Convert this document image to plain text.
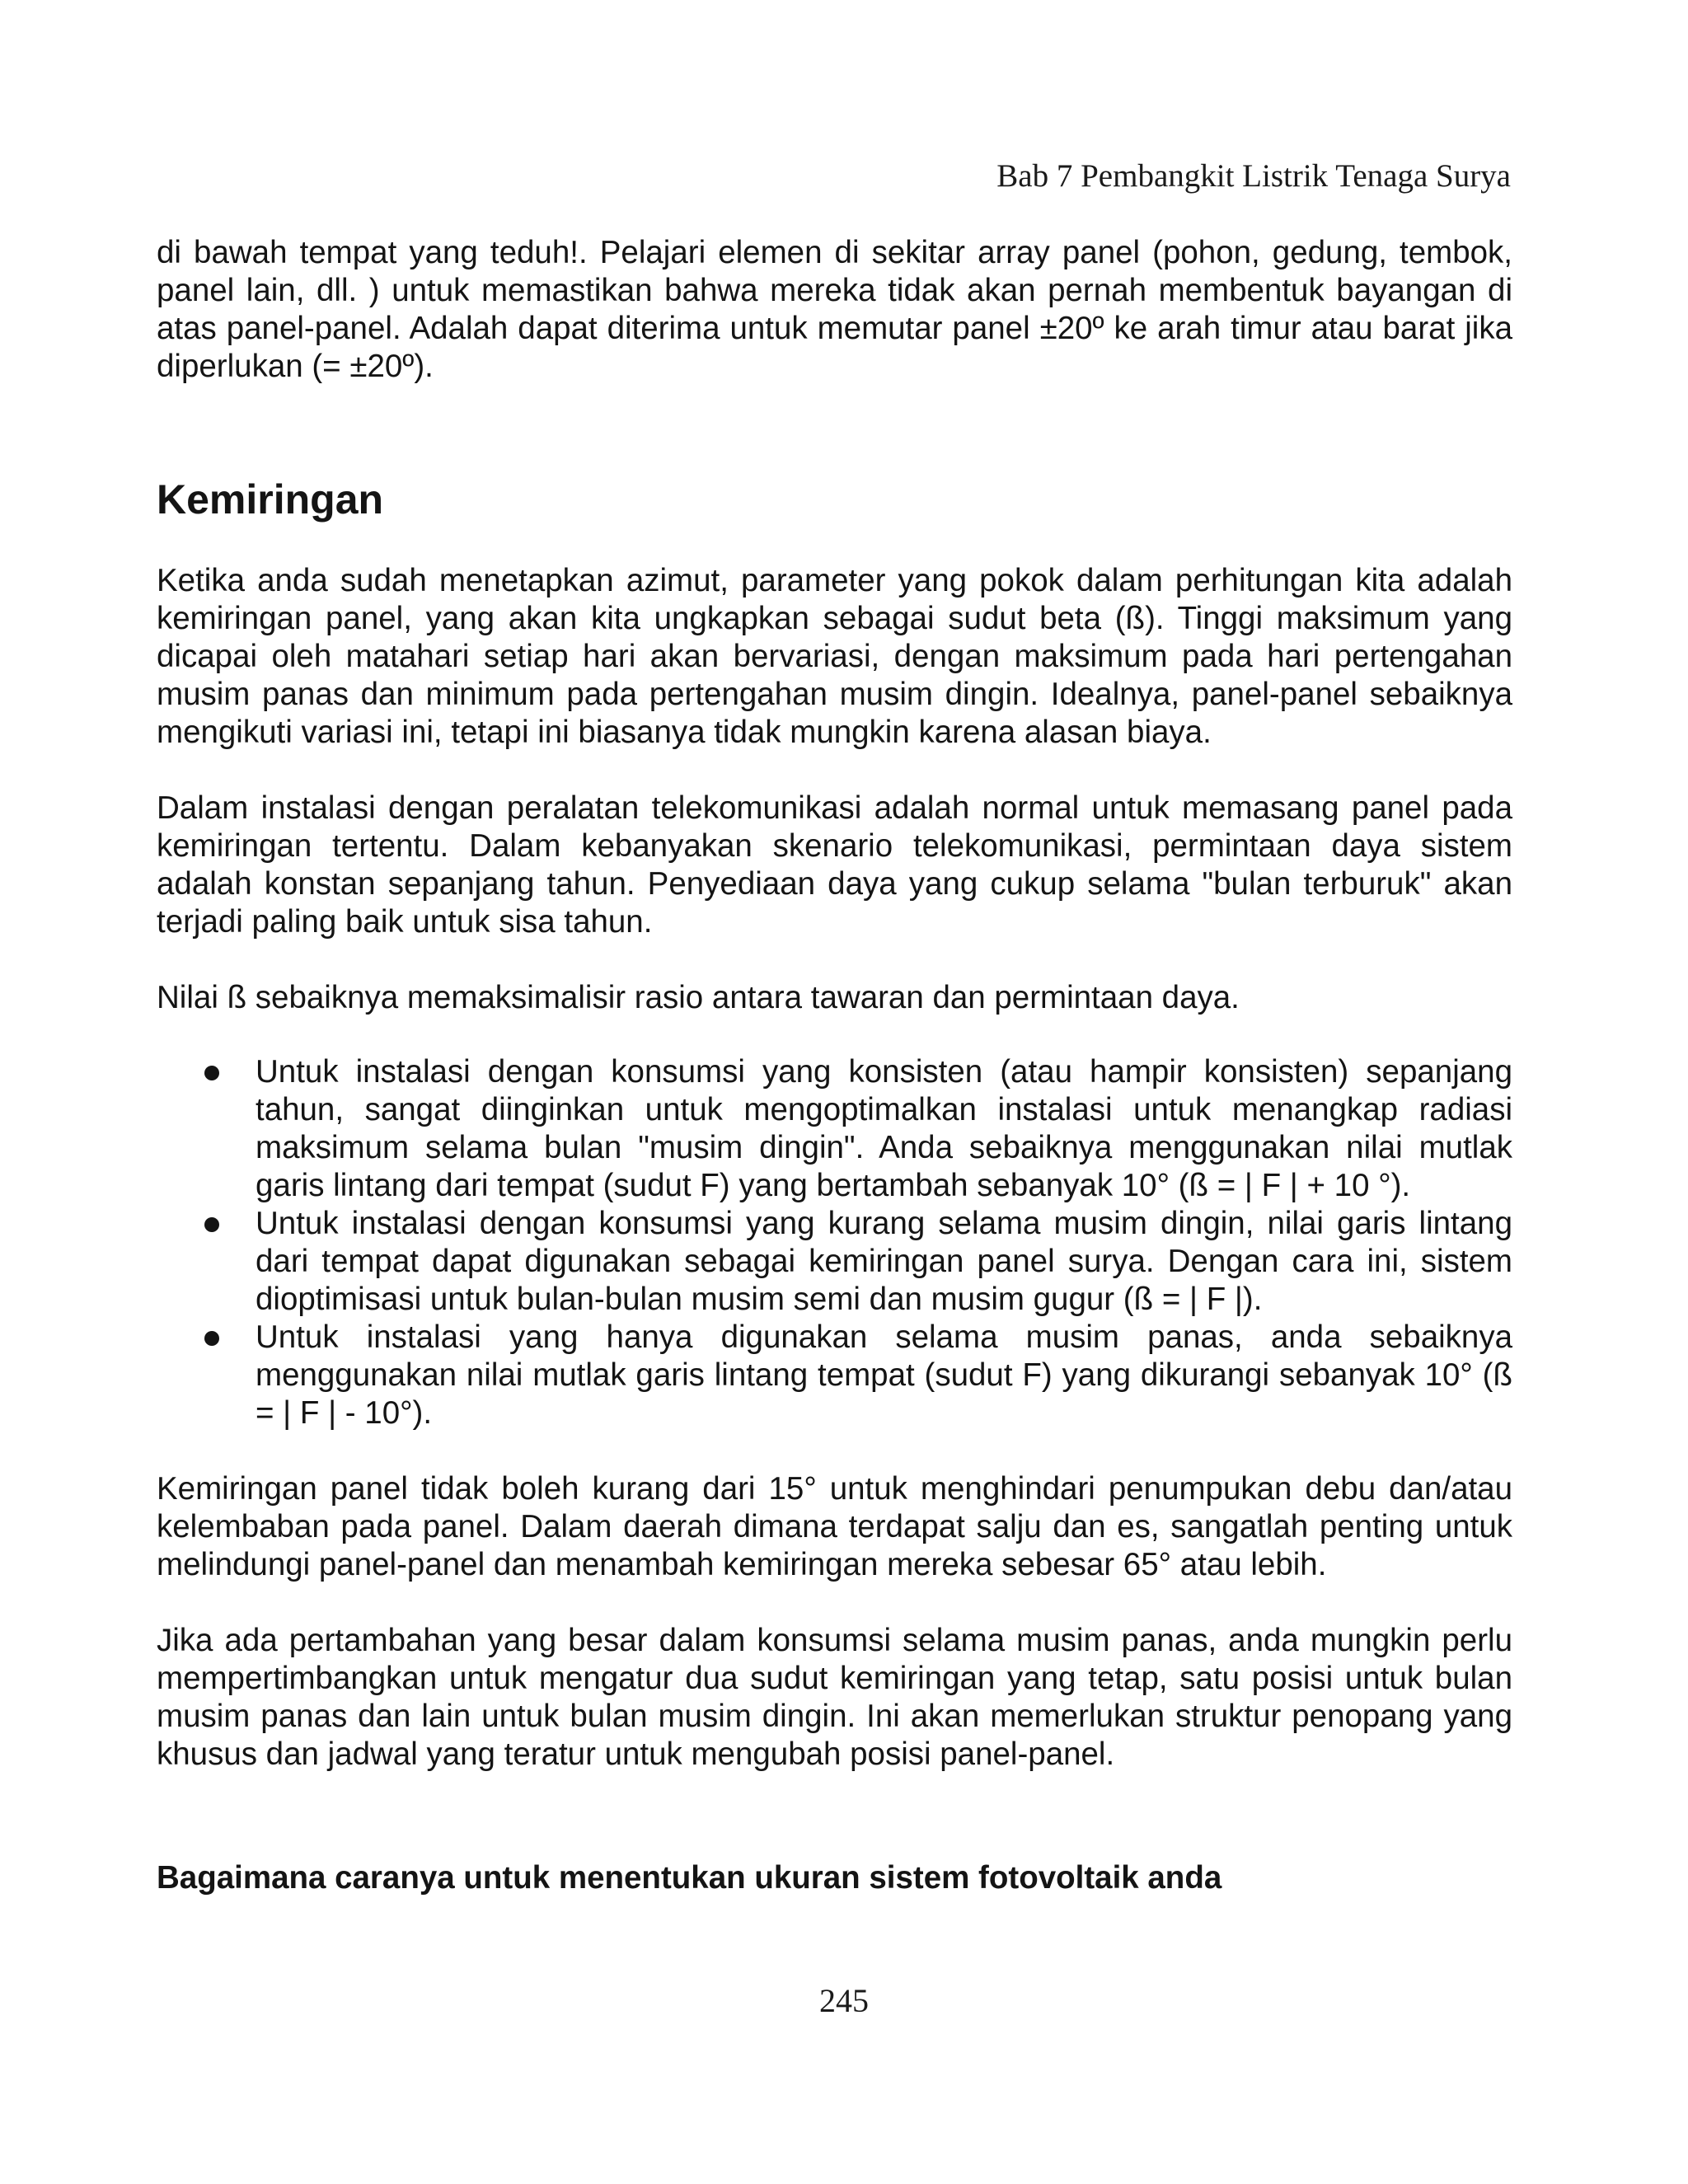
Bab 7 Pembangkit Listrik Tenaga Surya

di bawah tempat yang teduh!. Pelajari elemen di sekitar array panel (pohon, gedung, tembok, panel lain, dll. ) untuk memastikan bahwa mereka tidak akan pernah membentuk bayangan di atas panel-panel. Adalah dapat diterima untuk memutar panel ±20º ke arah timur atau barat jika diperlukan (= ±20º).

Kemiringan

Ketika anda sudah menetapkan azimut, parameter yang pokok dalam perhitungan kita adalah kemiringan panel, yang akan kita ungkapkan sebagai sudut beta (ß). Tinggi maksimum yang dicapai oleh matahari setiap hari akan bervariasi, dengan maksimum pada hari pertengahan musim panas dan minimum pada pertengahan musim dingin. Idealnya, panel-panel sebaiknya mengikuti variasi ini, tetapi ini biasanya tidak mungkin karena alasan biaya.

Dalam instalasi dengan peralatan telekomunikasi adalah normal untuk memasang panel pada kemiringan tertentu. Dalam kebanyakan skenario telekomunikasi, permintaan daya sistem adalah konstan sepanjang tahun. Penyediaan daya yang cukup selama "bulan terburuk" akan terjadi paling baik untuk sisa tahun.

Nilai ß sebaiknya memaksimalisir rasio antara tawaran dan permintaan daya.

Untuk instalasi dengan konsumsi yang konsisten (atau hampir konsisten) sepanjang tahun, sangat diinginkan untuk mengoptimalkan instalasi untuk menangkap radiasi maksimum selama bulan "musim dingin". Anda sebaiknya menggunakan nilai mutlak garis lintang dari tempat (sudut F) yang bertambah sebanyak 10° (ß = | F | + 10 °).
Untuk instalasi dengan konsumsi yang kurang selama musim dingin, nilai garis lintang dari tempat dapat digunakan sebagai kemiringan panel surya. Dengan cara ini, sistem dioptimisasi untuk bulan-bulan musim semi dan musim gugur (ß = | F |).
Untuk instalasi yang hanya digunakan selama musim panas, anda sebaiknya menggunakan nilai mutlak garis lintang tempat (sudut F) yang dikurangi sebanyak 10° (ß = | F | - 10°).

Kemiringan panel tidak boleh kurang dari 15° untuk menghindari penumpukan debu dan/atau kelembaban pada panel. Dalam daerah dimana terdapat salju dan es, sangatlah penting untuk melindungi panel-panel dan menambah kemiringan mereka sebesar 65° atau lebih.

Jika ada pertambahan yang besar dalam konsumsi selama musim panas, anda mungkin perlu mempertimbangkan untuk mengatur dua sudut kemiringan yang tetap, satu posisi untuk bulan musim panas dan lain untuk bulan musim dingin. Ini akan memerlukan struktur penopang yang khusus dan jadwal yang teratur untuk mengubah posisi panel-panel.

Bagaimana caranya untuk menentukan ukuran sistem fotovoltaik anda
245
